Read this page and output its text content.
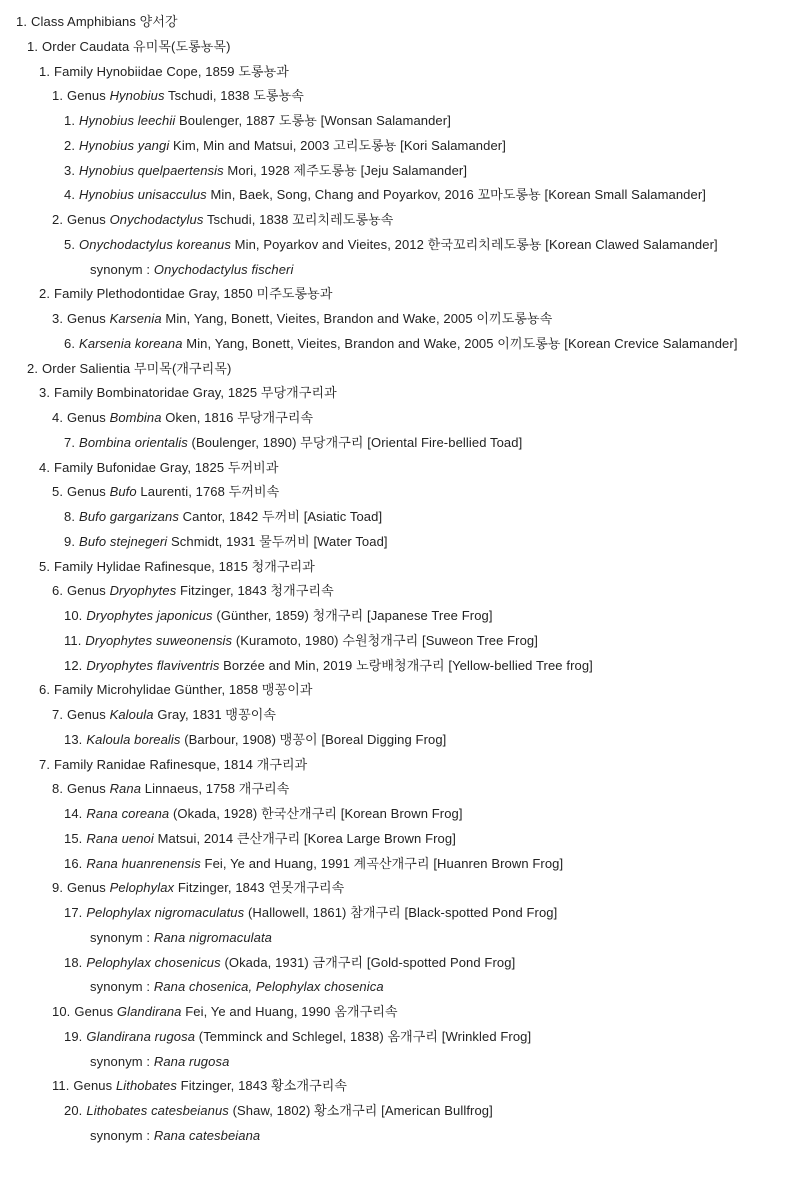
1. Class Amphibians 양서강
1. Order Caudata 유미목(도롱뇽목)
1. Family Hynobiidae Cope, 1859 도롱뇽과
1. Genus Hynobius Tschudi, 1838 도롱뇽속
1. Hynobius leechii Boulenger, 1887 도롱뇽 [Wonsan Salamander]
2. Hynobius yangi Kim, Min and Matsui, 2003 고리도롱뇽 [Kori Salamander]
3. Hynobius quelpaertensis Mori, 1928 제주도롱뇽 [Jeju Salamander]
4. Hynobius unisacculus Min, Baek, Song, Chang and Poyarkov, 2016 꼬마도롱뇽 [Korean Small Salamander]
2. Genus Onychodactylus Tschudi, 1838 꼬리치레도롱뇽속
5. Onychodactylus koreanus Min, Poyarkov and Vieites, 2012 한국꼬리치레도롱뇽 [Korean Clawed Salamander]
synonym : Onychodactylus fischeri
2. Family Plethodontidae Gray, 1850 미주도롱뇽과
3. Genus Karsenia Min, Yang, Bonett, Vieites, Brandon and Wake, 2005 이끼도롱뇽속
6. Karsenia koreana Min, Yang, Bonett, Vieites, Brandon and Wake, 2005 이끼도롱뇽 [Korean Crevice Salamander]
2. Order Salientia 무미목(개구리목)
3. Family Bombinatoridae Gray, 1825 무당개구리과
4. Genus Bombina Oken, 1816 무당개구리속
7. Bombina orientalis (Boulenger, 1890) 무당개구리 [Oriental Fire-bellied Toad]
4. Family Bufonidae Gray, 1825 두꺼비과
5. Genus Bufo Laurenti, 1768 두꺼비속
8. Bufo gargarizans Cantor, 1842 두꺼비 [Asiatic Toad]
9. Bufo stejnegeri Schmidt, 1931 물두꺼비 [Water Toad]
5. Family Hylidae Rafinesque, 1815 청개구리과
6. Genus Dryophytes Fitzinger, 1843 청개구리속
10. Dryophytes japonicus (Günther, 1859) 청개구리 [Japanese Tree Frog]
11. Dryophytes suweonensis (Kuramoto, 1980) 수원청개구리 [Suweon Tree Frog]
12. Dryophytes flaviventris Borzée and Min, 2019 노랑배청개구리 [Yellow-bellied Tree frog]
6. Family Microhylidae Günther, 1858 맹꽁이과
7. Genus Kaloula Gray, 1831 맹꽁이속
13. Kaloula borealis (Barbour, 1908) 맹꽁이 [Boreal Digging Frog]
7. Family Ranidae Rafinesque, 1814 개구리과
8. Genus Rana Linnaeus, 1758 개구리속
14. Rana coreana (Okada, 1928) 한국산개구리 [Korean Brown Frog]
15. Rana uenoi Matsui, 2014 큰산개구리 [Korea Large Brown Frog]
16. Rana huanrenensis Fei, Ye and Huang, 1991 계곡산개구리 [Huanren Brown Frog]
9. Genus Pelophylax Fitzinger, 1843 연못개구리속
17. Pelophylax nigromaculatus (Hallowell, 1861) 참개구리 [Black-spotted Pond Frog]
synonym : Rana nigromaculata
18. Pelophylax chosenicus (Okada, 1931) 금개구리 [Gold-spotted Pond Frog]
synonym : Rana chosenica, Pelophylax chosenica
10. Genus Glandirana Fei, Ye and Huang, 1990 옴개구리속
19. Glandirana rugosa (Temminck and Schlegel, 1838) 옴개구리 [Wrinkled Frog]
synonym : Rana rugosa
11. Genus Lithobates Fitzinger, 1843 황소개구리속
20. Lithobates catesbeianus (Shaw, 1802) 황소개구리 [American Bullfrog]
synonym : Rana catesbeiana
